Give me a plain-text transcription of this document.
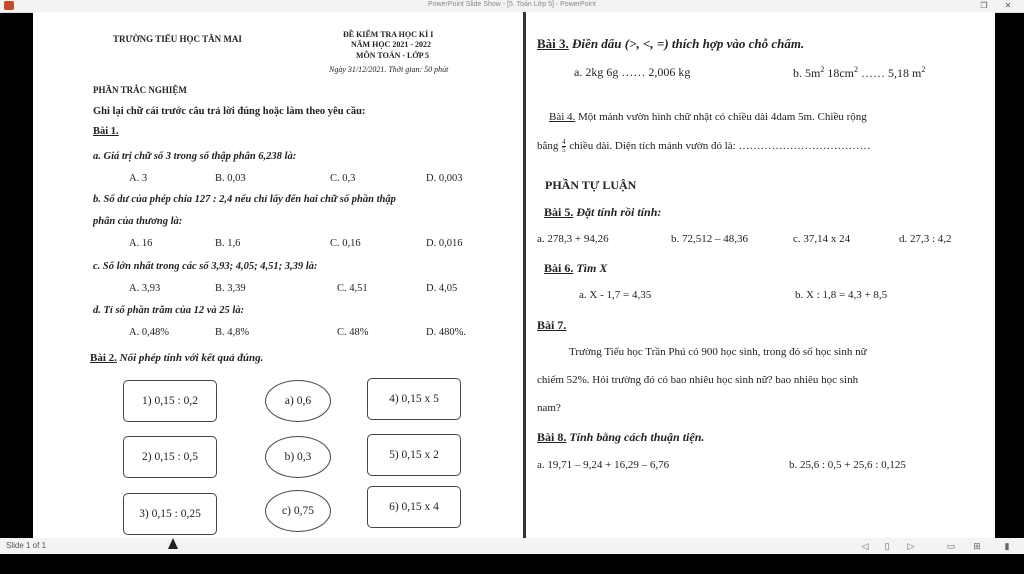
PowerPoint Slide Show - [5. Toán Lớp 5] - PowerPoint	❐	✕
TRƯỜNG TIỂU HỌC TÂN MAI	ĐỀ KIỂM TRA HỌC KÌ I
NĂM HỌC 2021 - 2022
MÔN TOÁN - LỚP 5
Ngày 31/12/2021. Thời gian: 50 phút
PHẦN TRẮC NGHIỆM
Ghi lại chữ cái trước câu trả lời đúng hoặc làm theo yêu cầu:
Bài 1.
a. Giá trị chữ số 3 trong số thập phân 6,238 là:
A. 3	B. 0,03	C. 0,3	D. 0,003
b. Số dư của phép chia 127 : 2,4 nếu chỉ lấy đến hai chữ số phần thập
phân của thương là:
A. 16	B. 1,6	C. 0,16	D. 0,016
c. Số lớn nhất trong các số 3,93; 4,05; 4,51; 3,39 là:
A. 3,93	B. 3,39	C. 4,51	D. 4,05
d. Tỉ số phần trăm của 12 và 25 là:
A. 0,48%	B. 4,8%	C. 48%	D. 480%.
Bài 2. Nối phép tính với kết quả đúng.
1) 0,15 : 0,2
2) 0,15 : 0,5
3) 0,15 : 0,25
a) 0,6
b) 0,3
c) 0,75
4) 0,15 x 5
5) 0,15 x 2
6) 0,15 x 4
Bài 3. Điền dấu (>, <, =) thích hợp vào chỗ chấm.
a. 2kg 6g …… 2,006 kg	b. $5m^2$ $18cm^2$ …… 5,18 $m^2$
Bài 4. Một mảnh vườn hình chữ nhật có chiều dài 4dam 5m. Chiều rộng
bằng $\frac{4}{5}$ chiều dài. Diện tích mảnh vườn đó là: ………………………………
PHẦN TỰ LUẬN
Bài 5. Đặt tính rồi tính:
a. 278,3 + 94,26	b. 72,512 – 48,36	c. 37,14 x 24	d. 27,3 : 4,2
Bài 6. Tìm X
a. X - 1,7 = 4,35	b. X : 1,8 = 4,3 + 8,5
Bài 7.
Trường Tiểu học Trần Phú có 900 học sinh, trong đó số học sinh nữ
chiếm 52%. Hỏi trường đó có bao nhiêu học sinh nữ? bao nhiêu học sinh
nam?
Bài 8. Tính bằng cách thuận tiện.
a. 19,71 – 9,24 + 16,29 – 6,76	b. 25,6 : 0,5 + 25,6 : 0,125
Slide 1 of 1	◁	▯	▷	▭	⊞	▮
